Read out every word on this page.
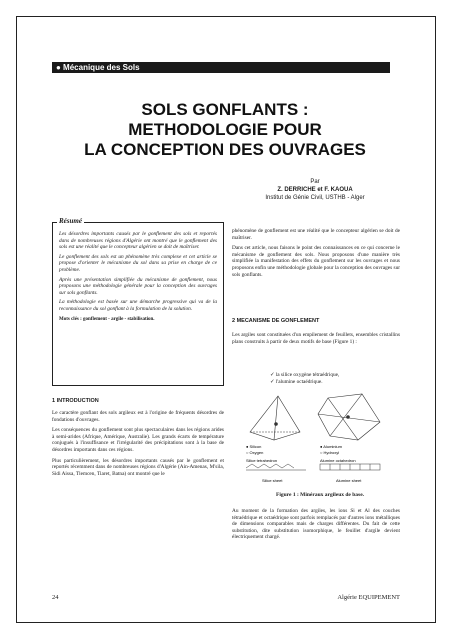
● Mécanique des Sols
SOLS GONFLANTS :
METHODOLOGIE POUR
LA CONCEPTION DES OUVRAGES
Par
Z. DERRICHE et F. KAOUA
Institut de Génie Civil, USTHB - Alger
Résumé

Les désordres importants causés par le gonflement des sols et reportés dans de nombreuses régions d'Algérie ont montré que le gonflement des sols est une réalité que le concepteur algérien se doit de maîtriser.

Le gonflement des sols est un phénomène très complexe et cet article se propose d'orienter le mécanisme du sol dans sa prise en charge de ce problème.

Après une présentation simplifiée du mécanisme de gonflement, nous proposons une méthodologie générale pour la conception des ouvrages sur sols gonflants.

La méthodologie est basée sur une démarche progressive qui va de la reconnaissance du sol gonflant à la formulation de la solution.

Mots clés : gonflement - argile - stabilisation.
1 INTRODUCTION

Le caractère gonflant des sols argileux est à l'origine de fréquents désordres de fondations d'ouvrages.

Les conséquences du gonflement sont plus spectaculaires dans les régions arides à semi-arides (Afrique, Amérique, Australie). Les grands écarts de température conjugués à l'insuffisance et l'irrégularité des précipitations sont à la base de désordres importants dans ces régions.

Plus particulièrement, les désordres importants causés par le gonflement et reportés récemment dans de nombreuses régions d'Algérie (Ain-Amenas, M'sila, Sidi Aissa, Tlemcen, Tiaret, Batna) ont montré que le

phénomène de gonflement est une réalité que le concepteur algérien se doit de maîtriser.

Dans cet article, nous faisons le point des connaissances en ce qui concerne le mécanisme de gonflement des sols. Nous proposons d'une manière très simplifiée la manifestation des effets du gonflement sur les ouvrages et nous proposons enfin une méthodologie globale pour la conception des ouvrages sur sols gonflants.

2 MECANISME DE GONFLEMENT
Les argiles sont constituées d'un empilement de feuillets, ensembles cristallins plans construits à partir de deux motifs de base (Figure 1) :
✓ la silice oxygène tétraédrique,
✓ l'alumine octaédrique.
● Silicon
○ Oxygen
● Aluminium
○ Hydroxyl
Silice tetrahedron	Alumine octahedron
Silice sheet	Alumine sheet
Figure 1 : Minéraux argileux de base.
Au moment de la formation des argiles, les ions Si et Al des couches tétraédrique et octaédrique sont parfois remplacés par d'autres ions métalliques de dimensions comparables mais de charges différentes. Du fait de cette substitution, dite substitution isomorphique, le feuillet d'argile devient électriquement chargé.
24	Algérie EQUIPEMENT
